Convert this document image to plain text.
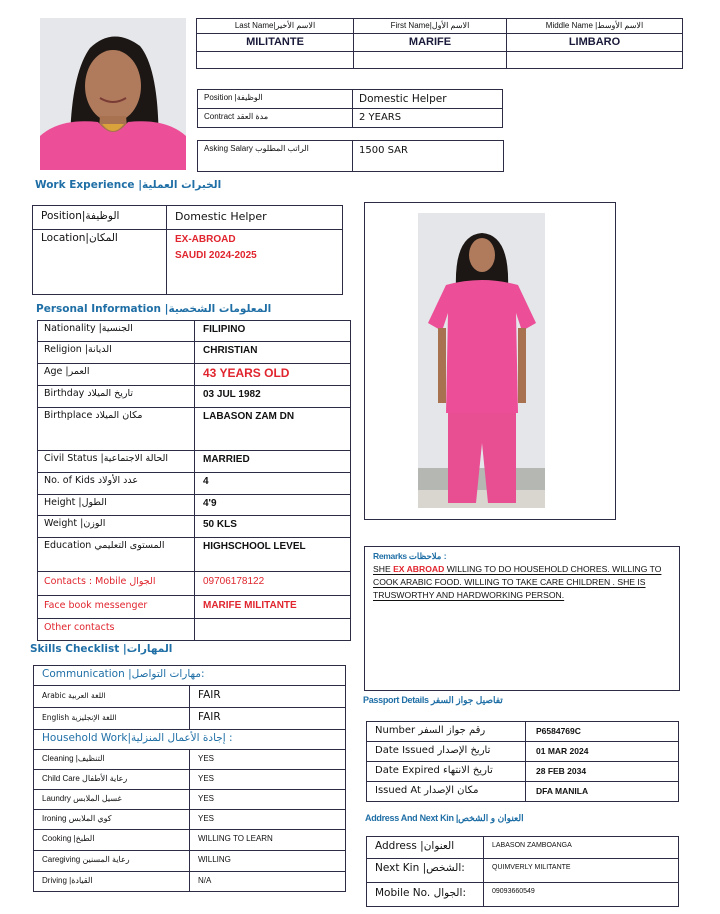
Last Name|الاسم الأخير	First Name|الاسم الأول	Middle Name |الاسم الأوسط
MILITANTE	MARIFE	LIMBARO

Position |الوظيفة	Domestic Helper
Contract مدة العقد	2 YEARS
Asking Salary الراتب المطلوب	1500 SAR
Work Experience |الخبرات العملية
Position|الوظيفة	Domestic Helper
Location|المكان	EX-ABROAD
SAUDI 2024-2025
Personal Information |المعلومات الشخصية
Nationality |الجنسية	FILIPINO
Religion |الديانة	CHRISTIAN
Age |العمر	43 YEARS OLD
Birthday تاريخ الميلاد	03 JUL 1982
Birthplace مكان الميلاد	LABASON ZAM DN
Civil Status |الحالة الاجتماعية	MARRIED
No. of Kids عدد الأولاد	4
Height |الطول	4'9
Weight |الوزن	50 KLS
Education المستوى التعليمي	HIGHSCHOOL LEVEL
Contacts : Mobile الجوال	09706178122
Face book messenger	MARIFE MILITANTE
Other contacts	
Skills Checklist |المهارات
Communication |مهارات التواصل:	
Arabic اللغة العربية	FAIR
English اللغة الإنجليزية	FAIR
Household Work|إجادة الأعمال المنزلية :	
Cleaning |التنظيف	YES
Child Care رعاية الأطفال	YES
Laundry غسيل الملابس	YES
Ironing كوي الملابس	YES
Cooking |الطبخ	WILLING TO LEARN
Caregiving رعاية المسنين	WILLING
Driving |القيادة	N/A
Remarks ملاحظات :
SHE EX ABROAD WILLING TO DO HOUSEHOLD CHORES. WILLING TO COOK ARABIC FOOD. WILLING TO TAKE CARE CHILDREN . SHE IS TRUSWORTHY AND HARDWORKING PERSON.
Passport Details تفاصيل جواز السفر
Number رقم جواز السفر	P6584769C
Date Issued تاريخ الإصدار	01 MAR 2024
Date Expired تاريخ الانتهاء	28 FEB 2034
Issued At مكان الإصدار	DFA MANILA
Address And Next Kin |العنوان و الشخص
Address |العنوان	LABASON ZAMBOANGA
Next Kin |الشخص:	QUIMVERLY MILITANTE
Mobile No. الجوال:	09093660549
